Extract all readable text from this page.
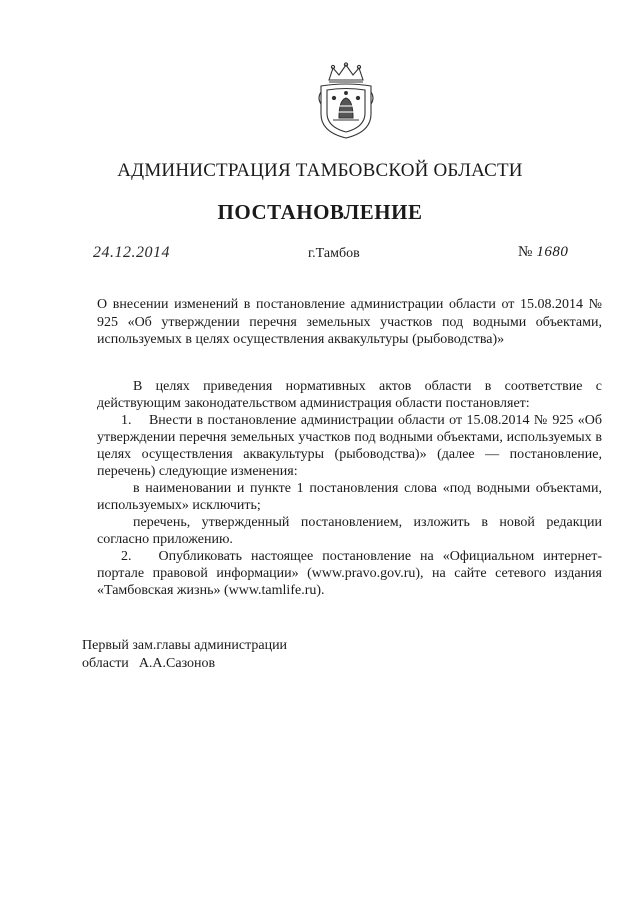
АДМИНИСТРАЦИЯ ТАМБОВСКОЙ ОБЛАСТИ
ПОСТАНОВЛЕНИЕ
24.12.2014	г.Тамбов	№ 1680
О внесении изменений в постановление администрации области от 15.08.2014 № 925 «Об утверждении перечня земельных участков под водными объектами, используемых в целях осуществления аквакультуры (рыбоводства)»

В целях приведения нормативных актов области в соответствие с действующим законодательством администрация области постановляет:

1.    Внести в постановление администрации области от 15.08.2014 № 925 «Об утверждении перечня земельных участков под водными объектами, используемых в целях осуществления аквакультуры (рыбоводства)» (далее — постановление, перечень) следующие изменения:

в наименовании и пункте 1 постановления слова «под водными объектами, используемых» исключить;

перечень, утвержденный постановлением, изложить в новой редакции согласно приложению.

2.   Опубликовать настоящее постановление на «Официальном интернет-портале правовой информации» (www.pravo.gov.ru), на сайте сетевого издания «Тамбовская жизнь» (www.tamlife.ru).

Первый зам.главы администрации
области А.А.Сазонов
